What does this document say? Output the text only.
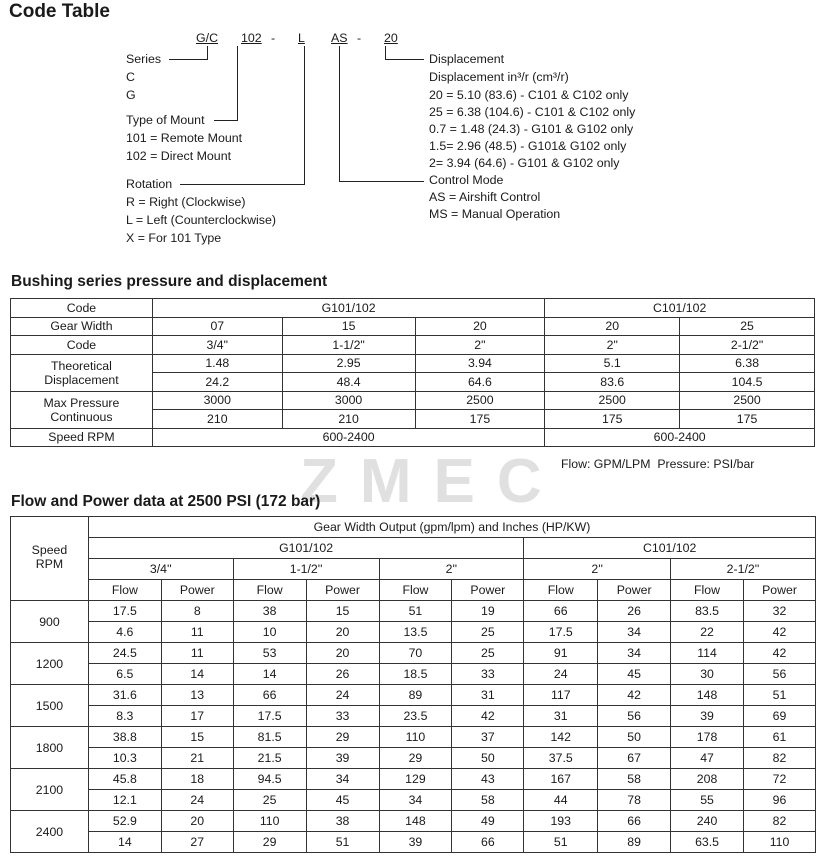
Code Table
G/C 102 - L AS - 20
Series
C
G
Type of Mount
101 = Remote Mount
102 = Direct Mount
Rotation
R = Right (Clockwise)
L = Left (Counterclockwise)
X = For 101 Type
Displacement
Displacement in³/r (cm³/r)
20 = 5.10 (83.6) - C101 & C102 only
25 = 6.38 (104.6) - C101 & C102 only
0.7 = 1.48 (24.3) - G101 & G102 only
1.5= 2.96 (48.5) - G101& G102 only
2= 3.94 (64.6) - G101 & G102 only
Control Mode
AS = Airshift Control
MS = Manual Operation
Bushing series pressure and displacement
Code	G101/102			C101/102	
Gear Width	07	15	20	20	25
Code	3/4"	1-1/2"	2"	2"	2-1/2"
Theoretical
Displacement	1.48	2.95	3.94	5.1	6.38
	24.2	48.4	64.6	83.6	104.5
Max Pressure
Continuous	3000	3000	2500	2500	2500
	210	210	175	175	175
Speed RPM	600-2400			600-2400	
Flow: GPM/LPM  Pressure: PSI/bar
ZMEC
Flow and Power data at 2500 PSI (172 bar)
Speed
RPM	Gear Width Output (gpm/lpm) and Inches (HP/KW)									
	G101/102						C101/102			
	3/4''		1-1/2''		2''		2''		2-1/2''	
	Flow	Power	Flow	Power	Flow	Power	Flow	Power	Flow	Power
900	17.5	8	38	15	51	19	66	26	83.5	32
	4.6	11	10	20	13.5	25	17.5	34	22	42
1200	24.5	11	53	20	70	25	91	34	114	42
	6.5	14	14	26	18.5	33	24	45	30	56
1500	31.6	13	66	24	89	31	117	42	148	51
	8.3	17	17.5	33	23.5	42	31	56	39	69
1800	38.8	15	81.5	29	110	37	142	50	178	61
	10.3	21	21.5	39	29	50	37.5	67	47	82
2100	45.8	18	94.5	34	129	43	167	58	208	72
	12.1	24	25	45	34	58	44	78	55	96
2400	52.9	20	110	38	148	49	193	66	240	82
	14	27	29	51	39	66	51	89	63.5	110
